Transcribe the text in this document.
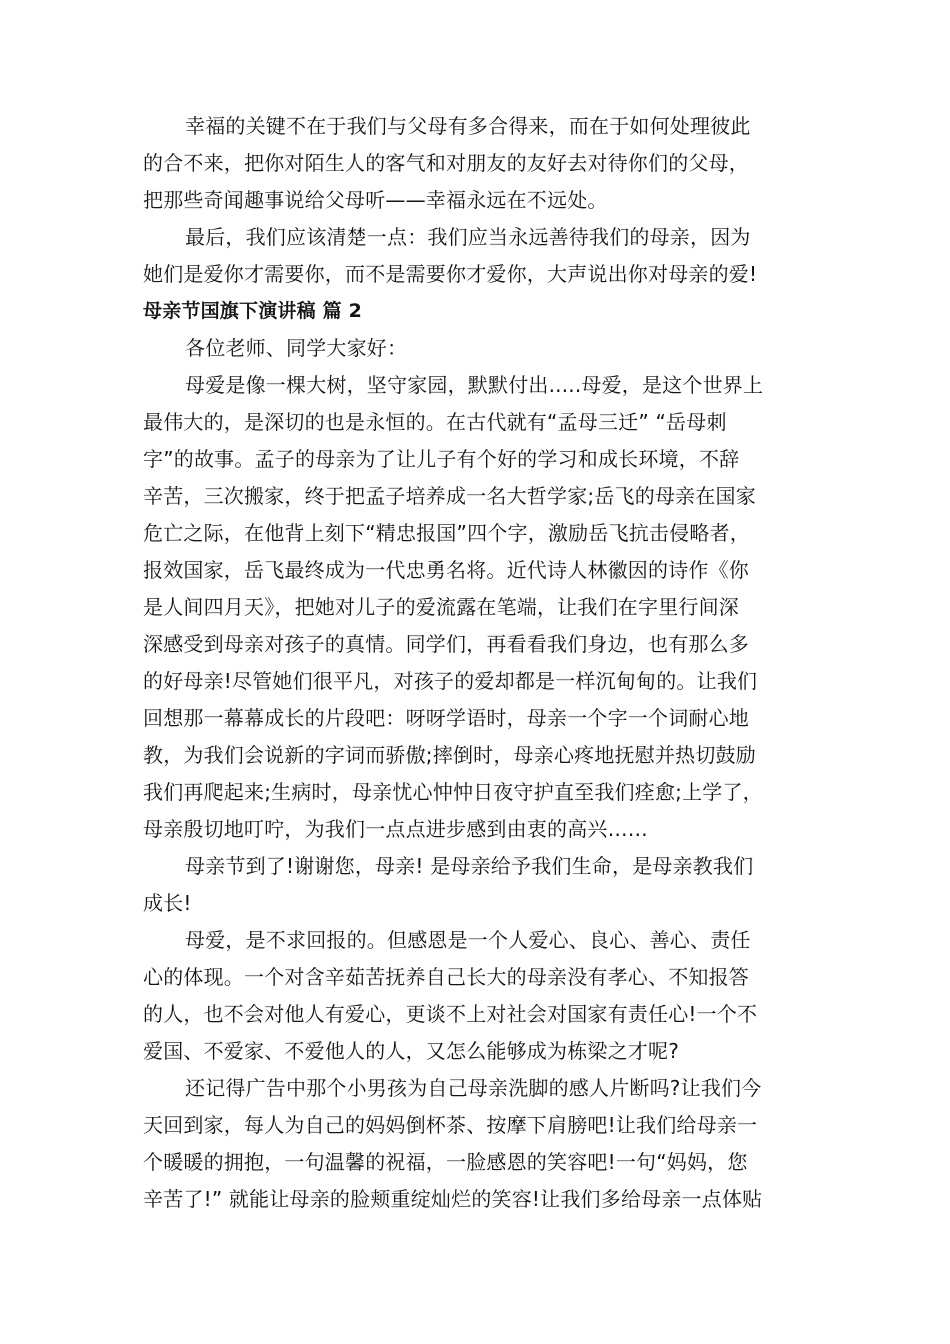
幸福的关键不在于我们与父母有多合得来，而在于如何处理彼此
的合不来，把你对陌生人的客气和对朋友的友好去对待你们的父母，
把那些奇闻趣事说给父母听——幸福永远在不远处。
最后，我们应该清楚一点：我们应当永远善待我们的母亲，因为
她们是爱你才需要你，而不是需要你才爱你，大声说出你对母亲的爱!
母亲节国旗下演讲稿 篇 2
各位老师、同学大家好：
母爱是像一棵大树，坚守家园，默默付出.....母爱，是这个世界上
最伟大的，是深切的也是永恒的。在古代就有“孟母三迁” “岳母刺
字”的故事。孟子的母亲为了让儿子有个好的学习和成长环境，不辞
辛苦，三次搬家，终于把孟子培养成一名大哲学家;岳飞的母亲在国家
危亡之际，在他背上刻下“精忠报国”四个字，激励岳飞抗击侵略者，
报效国家，岳飞最终成为一代忠勇名将。近代诗人林徽因的诗作《你
是人间四月天》，把她对儿子的爱流露在笔端，让我们在字里行间深
深感受到母亲对孩子的真情。同学们，再看看我们身边，也有那么多
的好母亲!尽管她们很平凡，对孩子的爱却都是一样沉甸甸的。让我们
回想那一幕幕成长的片段吧：呀呀学语时，母亲一个字一个词耐心地
教，为我们会说新的字词而骄傲;摔倒时，母亲心疼地抚慰并热切鼓励
我们再爬起来;生病时，母亲忧心忡忡日夜守护直至我们痊愈;上学了，
母亲殷切地叮咛，为我们一点点进步感到由衷的高兴……
母亲节到了!谢谢您，母亲! 是母亲给予我们生命，是母亲教我们
成长!
母爱，是不求回报的。但感恩是一个人爱心、良心、善心、责任
心的体现。一个对含辛茹苦抚养自己长大的母亲没有孝心、不知报答
的人，也不会对他人有爱心，更谈不上对社会对国家有责任心!一个不
爱国、不爱家、不爱他人的人，又怎么能够成为栋梁之才呢?
还记得广告中那个小男孩为自己母亲洗脚的感人片断吗?让我们今
天回到家，每人为自己的妈妈倒杯茶、按摩下肩膀吧!让我们给母亲一
个暖暖的拥抱，一句温馨的祝福，一脸感恩的笑容吧!一句“妈妈，您
辛苦了!” 就能让母亲的脸颊重绽灿烂的笑容!让我们多给母亲一点体贴
